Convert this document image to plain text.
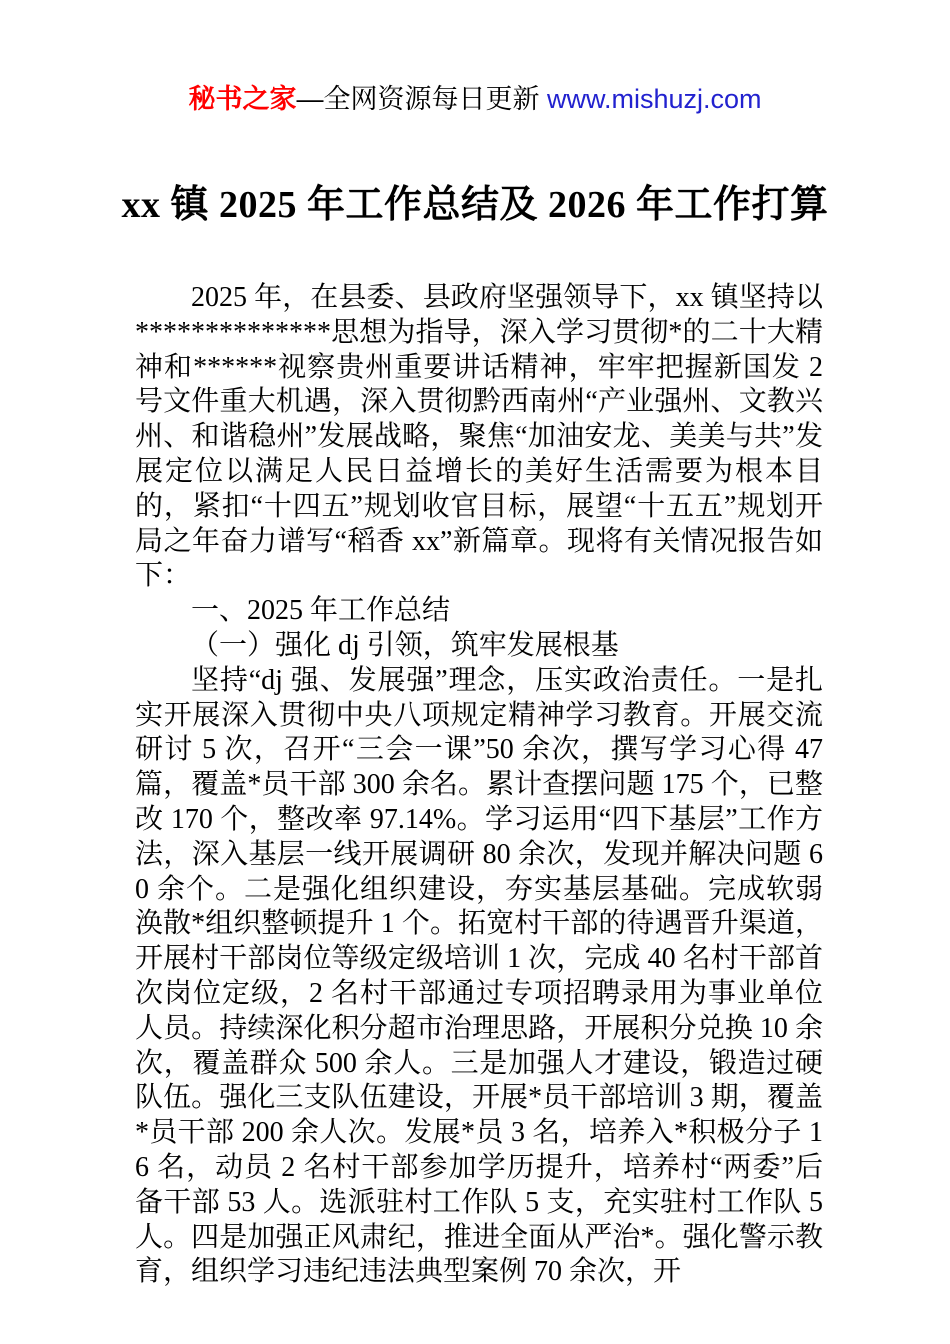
秘书之家—全网资源每日更新 www.mishuzj.com
xx 镇 2025 年工作总结及 2026 年工作打算

2025 年，在县委、县政府坚强领导下，xx 镇坚持以**************思想为指导，深入学习贯彻*的二十大精神和******视察贵州重要讲话精神，牢牢把握新国发 2 号文件重大机遇，深入贯彻黔西南州“产业强州、文教兴州、和谐稳州”发展战略，聚焦“加油安龙、美美与共”发展定位以满足人民日益增长的美好生活需要为根本目的，紧扣“十四五”规划收官目标，展望“十五五”规划开局之年奋力谱写“稻香 xx”新篇章。现将有关情况报告如下：

一、2025 年工作总结

（一）强化 dj 引领，筑牢发展根基

坚持“dj 强、发展强”理念，压实政治责任。一是扎实开展深入贯彻中央八项规定精神学习教育。开展交流研讨 5 次，召开“三会一课”50 余次，撰写学习心得 47 篇，覆盖*员干部 300 余名。累计查摆问题 175 个，已整改 170 个，整改率 97.14%。学习运用“四下基层”工作方法，深入基层一线开展调研 80 余次，发现并解决问题 60 余个。二是强化组织建设，夯实基层基础。完成软弱涣散*组织整顿提升 1 个。拓宽村干部的待遇晋升渠道，开展村干部岗位等级定级培训 1 次，完成 40 名村干部首次岗位定级，2 名村干部通过专项招聘录用为事业单位人员。持续深化积分超市治理思路，开展积分兑换 10 余次，覆盖群众 500 余人。三是加强人才建设，锻造过硬队伍。强化三支队伍建设，开展*员干部培训 3 期，覆盖*员干部 200 余人次。发展*员 3 名，培养入*积极分子 16 名，动员 2 名村干部参加学历提升，培养村“两委”后备干部 53 人。选派驻村工作队 5 支，充实驻村工作队 5 人。四是加强正风肃纪，推进全面从严治*。强化警示教育，组织学习违纪违法典型案例 70 余次，开
